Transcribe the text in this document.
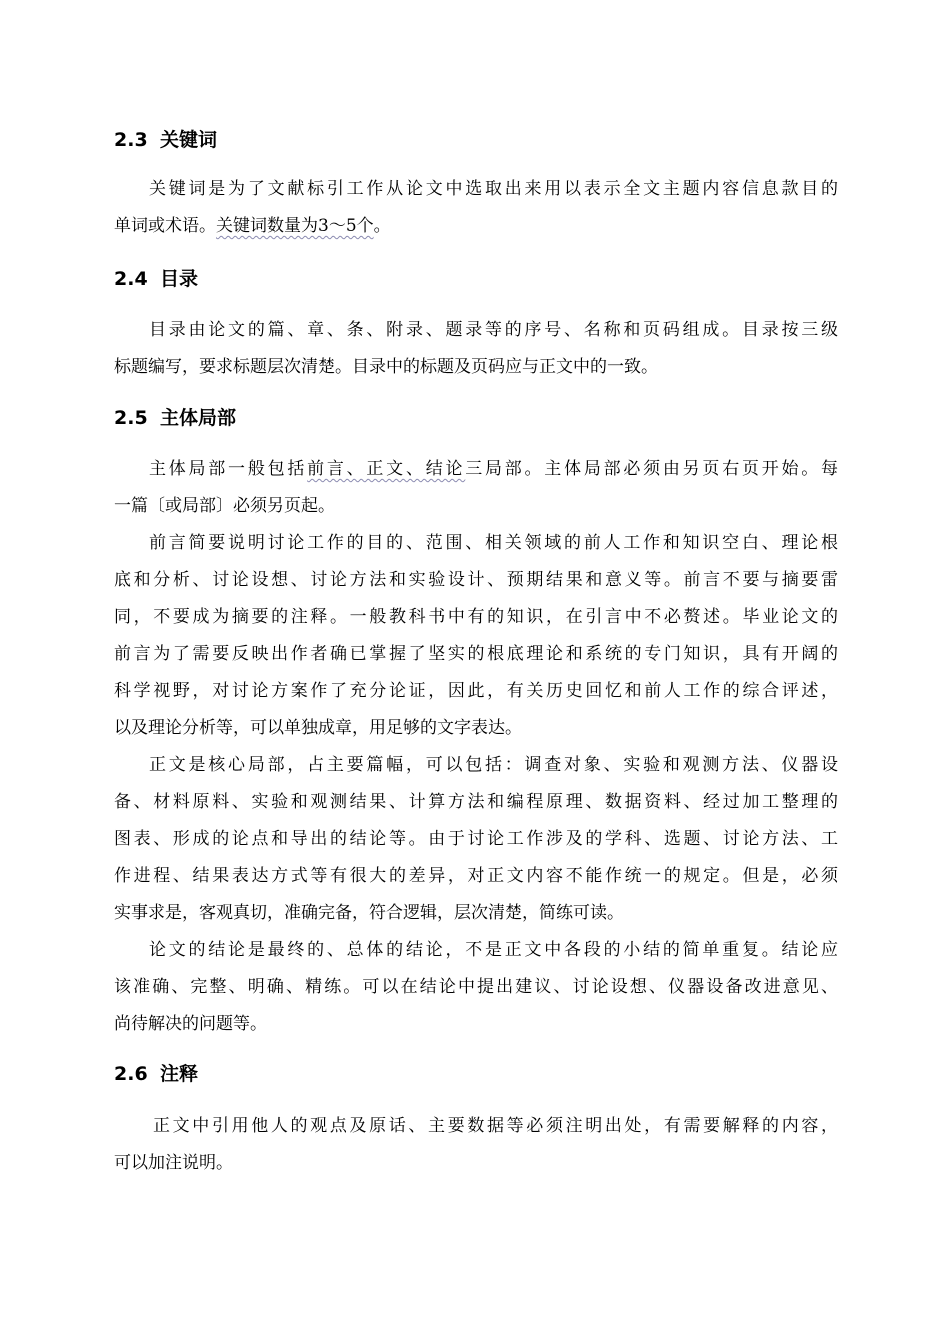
2.3 关键词
关键词是为了文献标引工作从论文中选取出来用以表示全文主题内容信息款目的
单词或术语。关键词数量为3～5个。
2.4 目录
目录由论文的篇、章、条、附录、题录等的序号、名称和页码组成。目录按三级
标题编写，要求标题层次清楚。目录中的标题及页码应与正文中的一致。
2.5 主体局部
主体局部一般包括前言、正文、结论三局部。主体局部必须由另页右页开始。每
一篇〔或局部〕必须另页起。
前言简要说明讨论工作的目的、范围、相关领域的前人工作和知识空白、理论根
底和分析、讨论设想、讨论方法和实验设计、预期结果和意义等。前言不要与摘要雷
同，不要成为摘要的注释。一般教科书中有的知识，在引言中不必赘述。毕业论文的
前言为了需要反映出作者确已掌握了坚实的根底理论和系统的专门知识，具有开阔的
科学视野，对讨论方案作了充分论证，因此，有关历史回忆和前人工作的综合评述，
以及理论分析等，可以单独成章，用足够的文字表达。
正文是核心局部，占主要篇幅，可以包括：调查对象、实验和观测方法、仪器设
备、材料原料、实验和观测结果、计算方法和编程原理、数据资料、经过加工整理的
图表、形成的论点和导出的结论等。由于讨论工作涉及的学科、选题、讨论方法、工
作进程、结果表达方式等有很大的差异，对正文内容不能作统一的规定。但是，必须
实事求是，客观真切，准确完备，符合逻辑，层次清楚，简练可读。
论文的结论是最终的、总体的结论，不是正文中各段的小结的简单重复。结论应
该准确、完整、明确、精练。可以在结论中提出建议、讨论设想、仪器设备改进意见、
尚待解决的问题等。
2.6 注释
正文中引用他人的观点及原话、主要数据等必须注明出处，有需要解释的内容，
可以加注说明。
